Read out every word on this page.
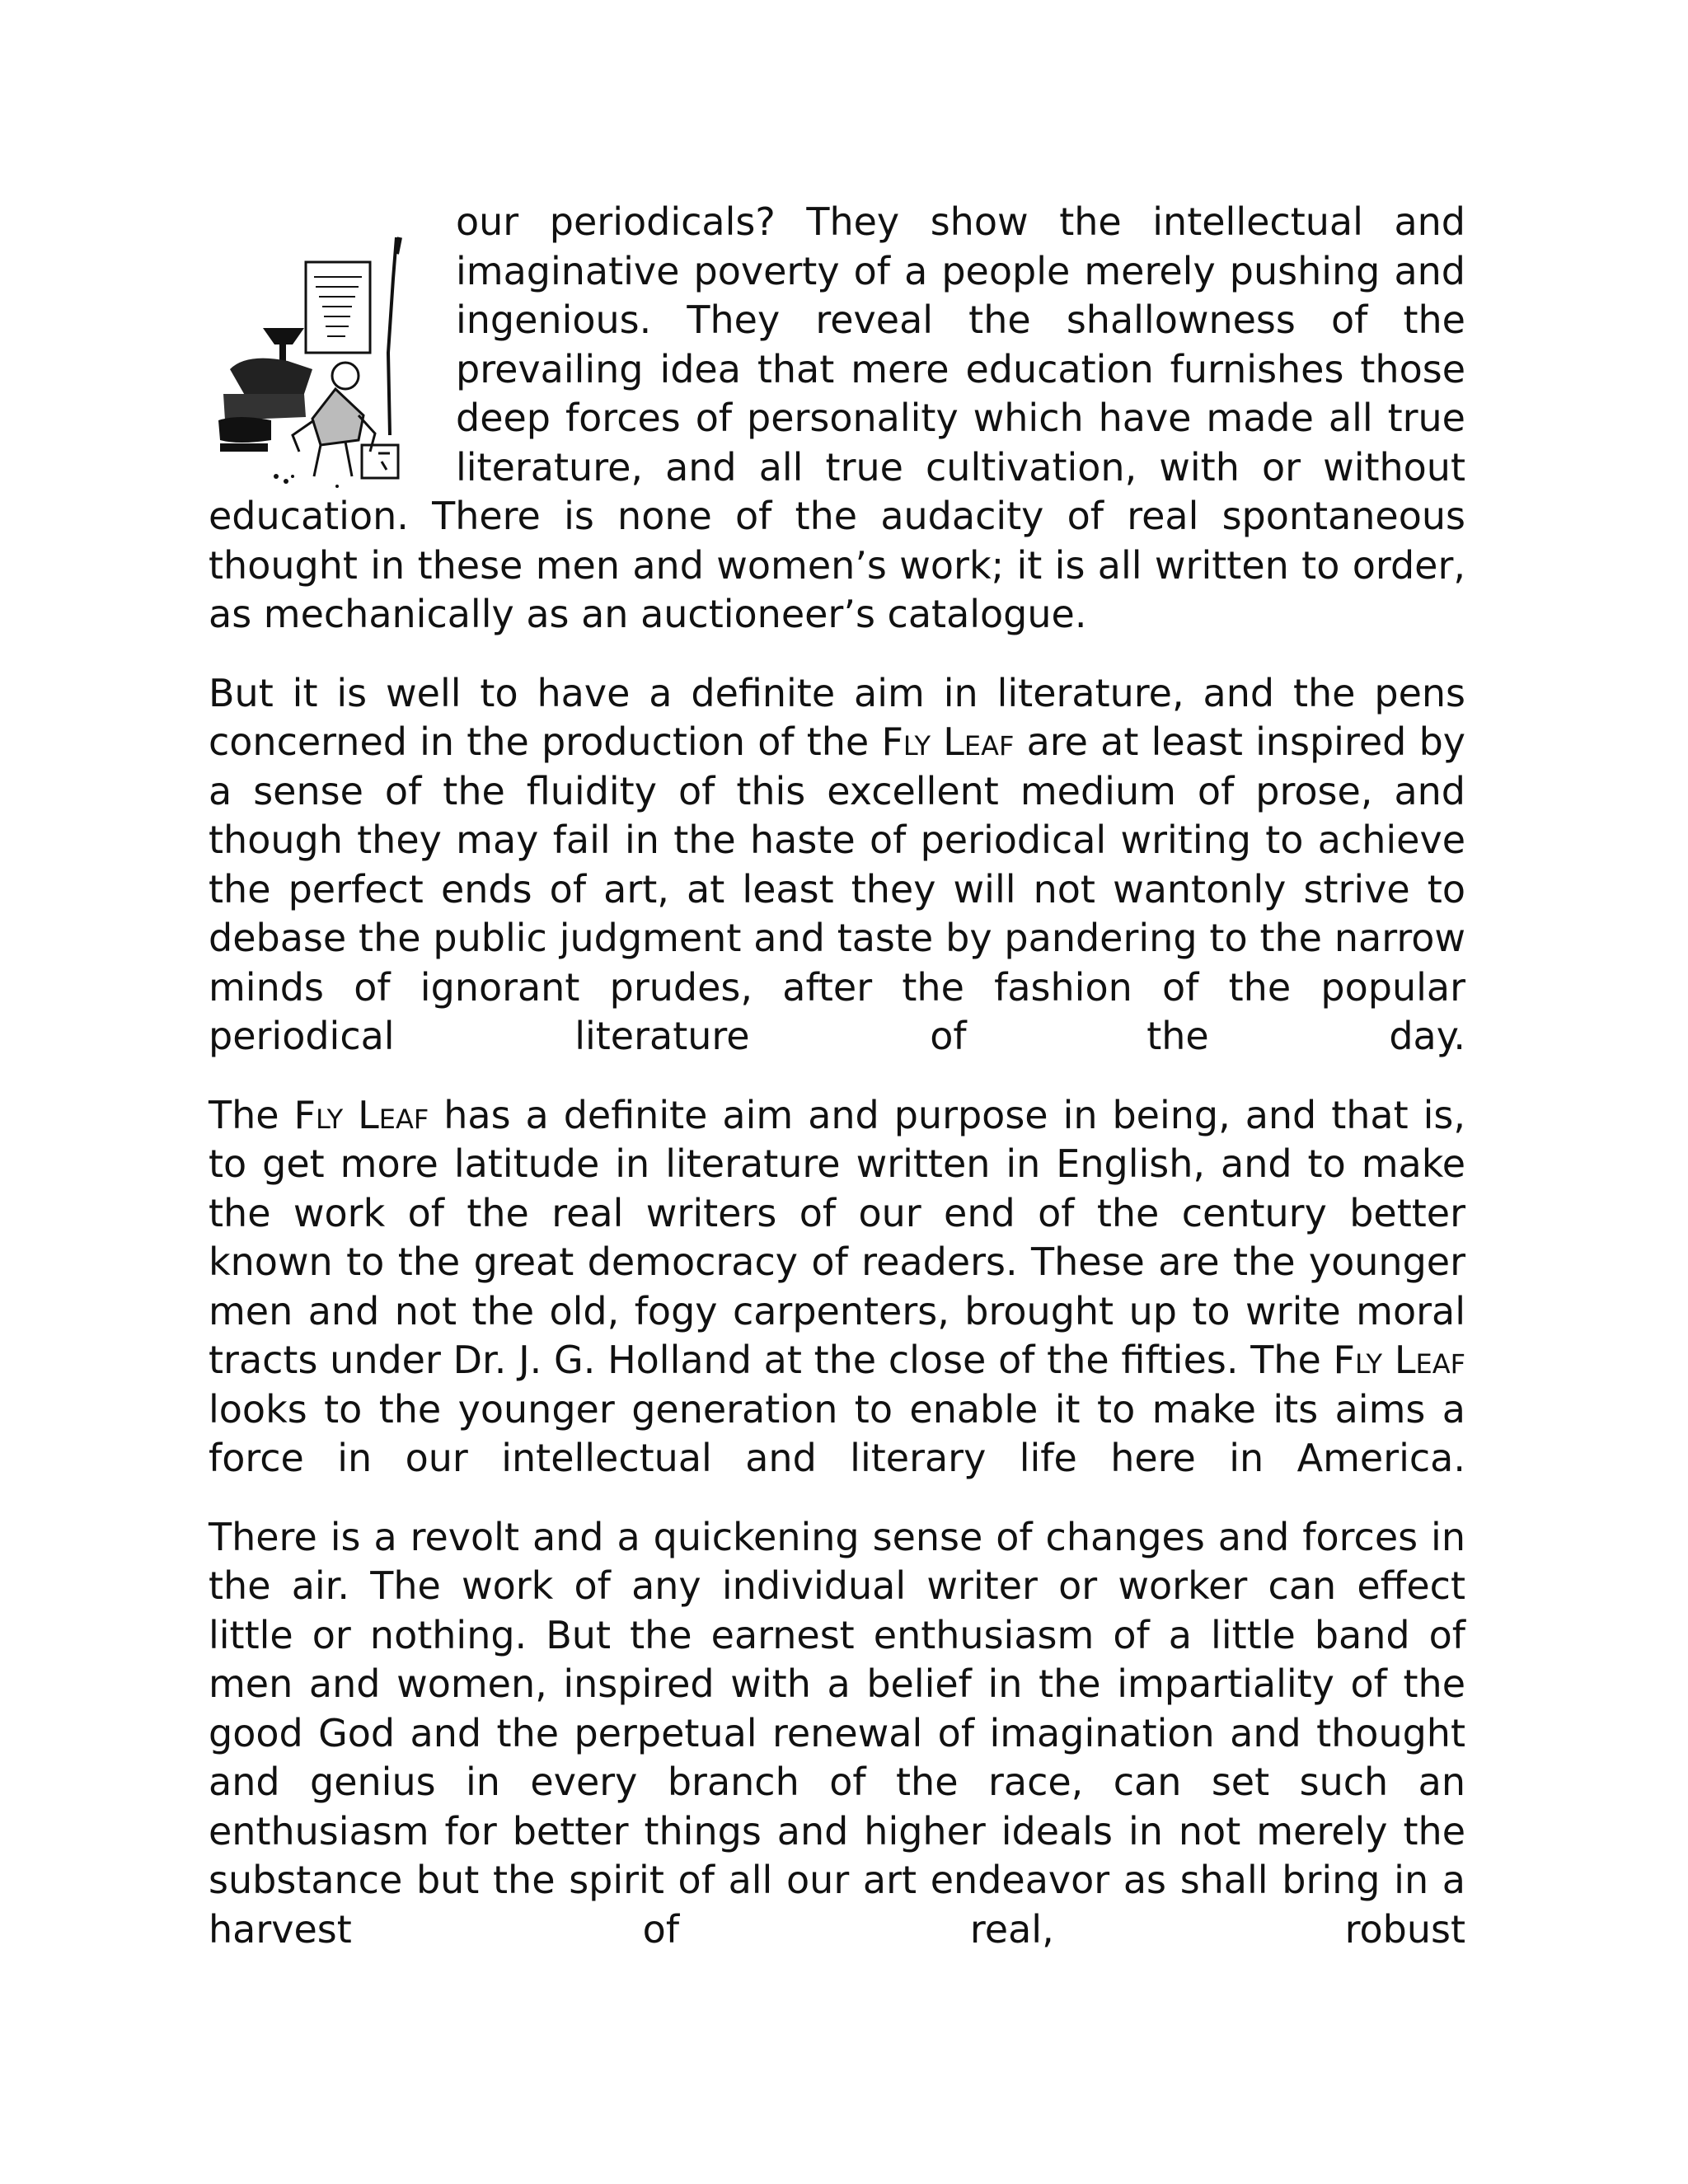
our periodicals? They show the intellectual and imaginative poverty of a people merely pushing and ingenious. They reveal the shallowness of the prevailing idea that mere education furnishes those deep forces of personality which have made all true literature, and all true cultivation, with or without education. There is none of the audacity of real spontaneous thought in these men and women’s work; it is all written to order, as mechanically as an auctioneer’s catalogue.

But it is well to have a definite aim in literature, and the pens concerned in the production of the Fly Leaf are at least inspired by a sense of the fluidity of this excellent medium of prose, and though they may fail in the haste of periodical writing to achieve the perfect ends of art, at least they will not wantonly strive to debase the public judgment and taste by pandering to the narrow minds of ignorant prudes, after the fashion of the popular periodical literature of the day.

The Fly Leaf has a definite aim and purpose in being, and that is, to get more latitude in literature written in English, and to make the work of the real writers of our end of the century better known to the great democracy of readers. These are the younger men and not the old, fogy carpenters, brought up to write moral tracts under Dr. J. G. Holland at the close of the fifties. The Fly Leaf looks to the younger generation to enable it to make its aims a force in our intellectual and literary life here in America.

There is a revolt and a quickening sense of changes and forces in the air. The work of any individual writer or worker can effect little or nothing. But the earnest enthusiasm of a little band of men and women, inspired with a belief in the impartiality of the good God and the perpetual renewal of imagination and thought and genius in every branch of the race, can set such an enthusiasm for better things and higher ideals in not merely the substance but the spirit of all our art endeavor as shall bring in a harvest of real, robust
